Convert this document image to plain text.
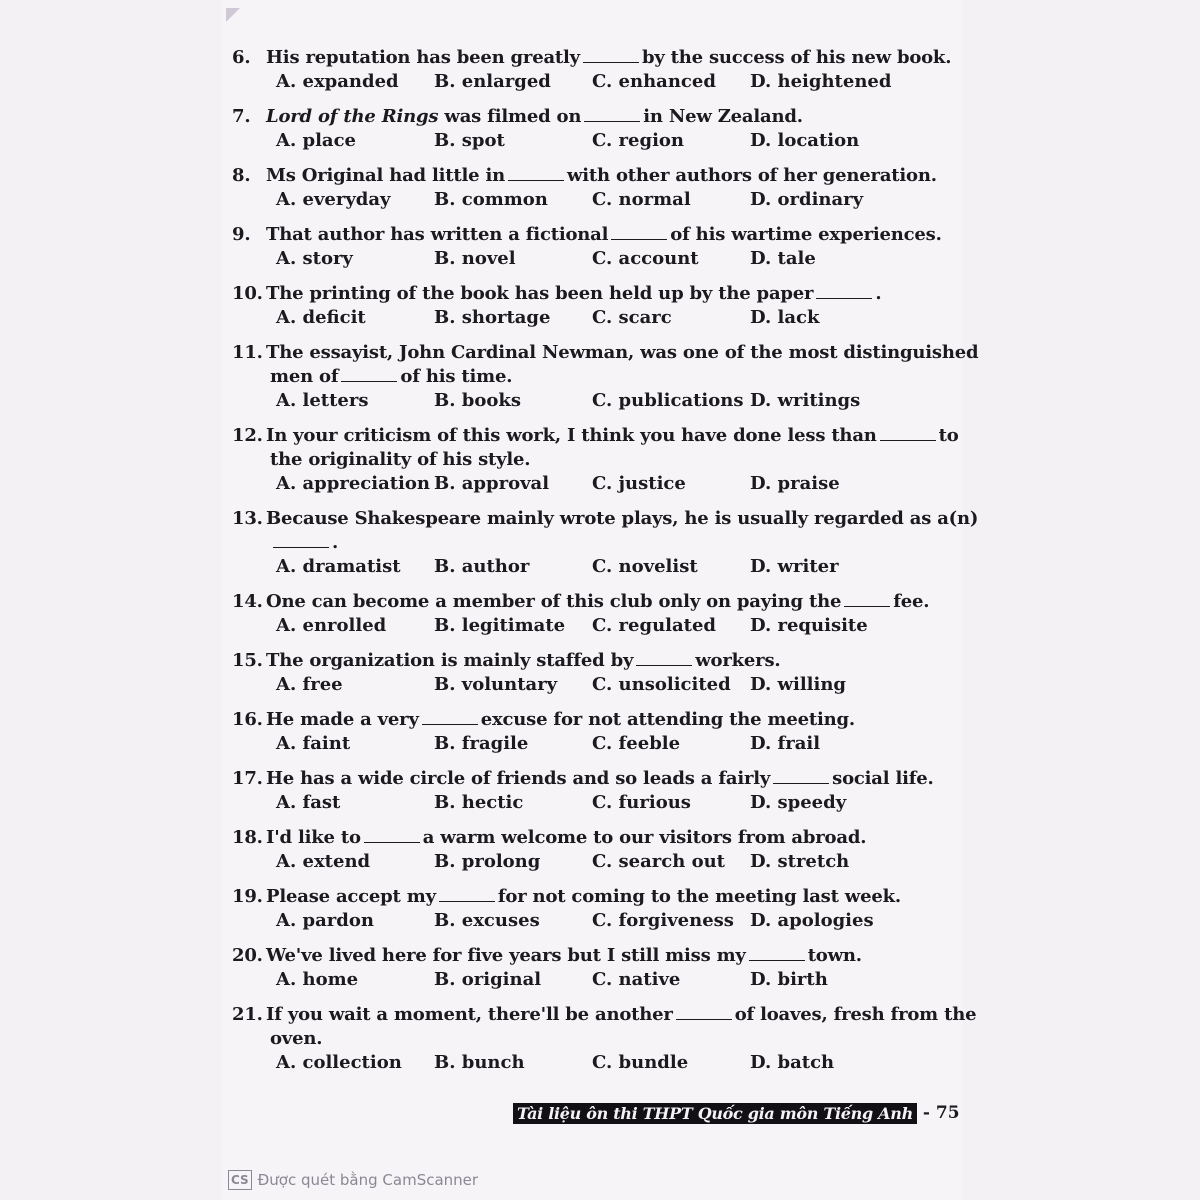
6. His reputation has been greatly	by the success of his new book.
A. expanded	B. enlarged	C. enhanced	D. heightened
7. Lord of the Rings was filmed on	in New Zealand.
A. place	B. spot	C. region	D. location
8. Ms Original had little in	with other authors of her generation.
A. everyday	B. common	C. normal	D. ordinary
9. That author has written a fictional	of his wartime experiences.
A. story	B. novel	C. account	D. tale
10. The printing of the book has been held up by the paper	.
A. deficit	B. shortage	C. scarc	D. lack
11. The essayist, John Cardinal Newman, was one of the most distinguished
men of	of his time.
A. letters	B. books	C. publications D. writings
12. In your criticism of this work, I think you have done less than	to
the originality of his style.
A. appreciation B. approval	C. justice	D. praise
13. Because Shakespeare mainly wrote plays, he is usually regarded as a(n)
.
A. dramatist	B. author	C. novelist	D. writer
14. One can become a member of this club only on paying the	fee.
A. enrolled	B. legitimate	C. regulated	D. requisite
15. The organization is mainly staffed by	workers.
A. free	B. voluntary	C. unsolicited	D. willing
16. He made a very	excuse for not attending the meeting.
A. faint	B. fragile	C. feeble	D. frail
17. He has a wide circle of friends and so leads a fairly	social life.
A. fast	B. hectic	C. furious	D. speedy
18. I'd like to	a warm welcome to our visitors from abroad.
A. extend	B. prolong	C. search out	D. stretch
19. Please accept my	for not coming to the meeting last week.
A. pardon	B. excuses	C. forgiveness D. apologies
20. We've lived here for five years but I still miss my	town.
A. home	B. original	C. native	D. birth
21. If you wait a moment, there'll be another	of loaves, fresh from the
oven.
A. collection	B. bunch	C. bundle	D. batch
Tài liệu ôn thi THPT Quốc gia môn Tiếng Anh - 75
CS Được quét bằng CamScanner
